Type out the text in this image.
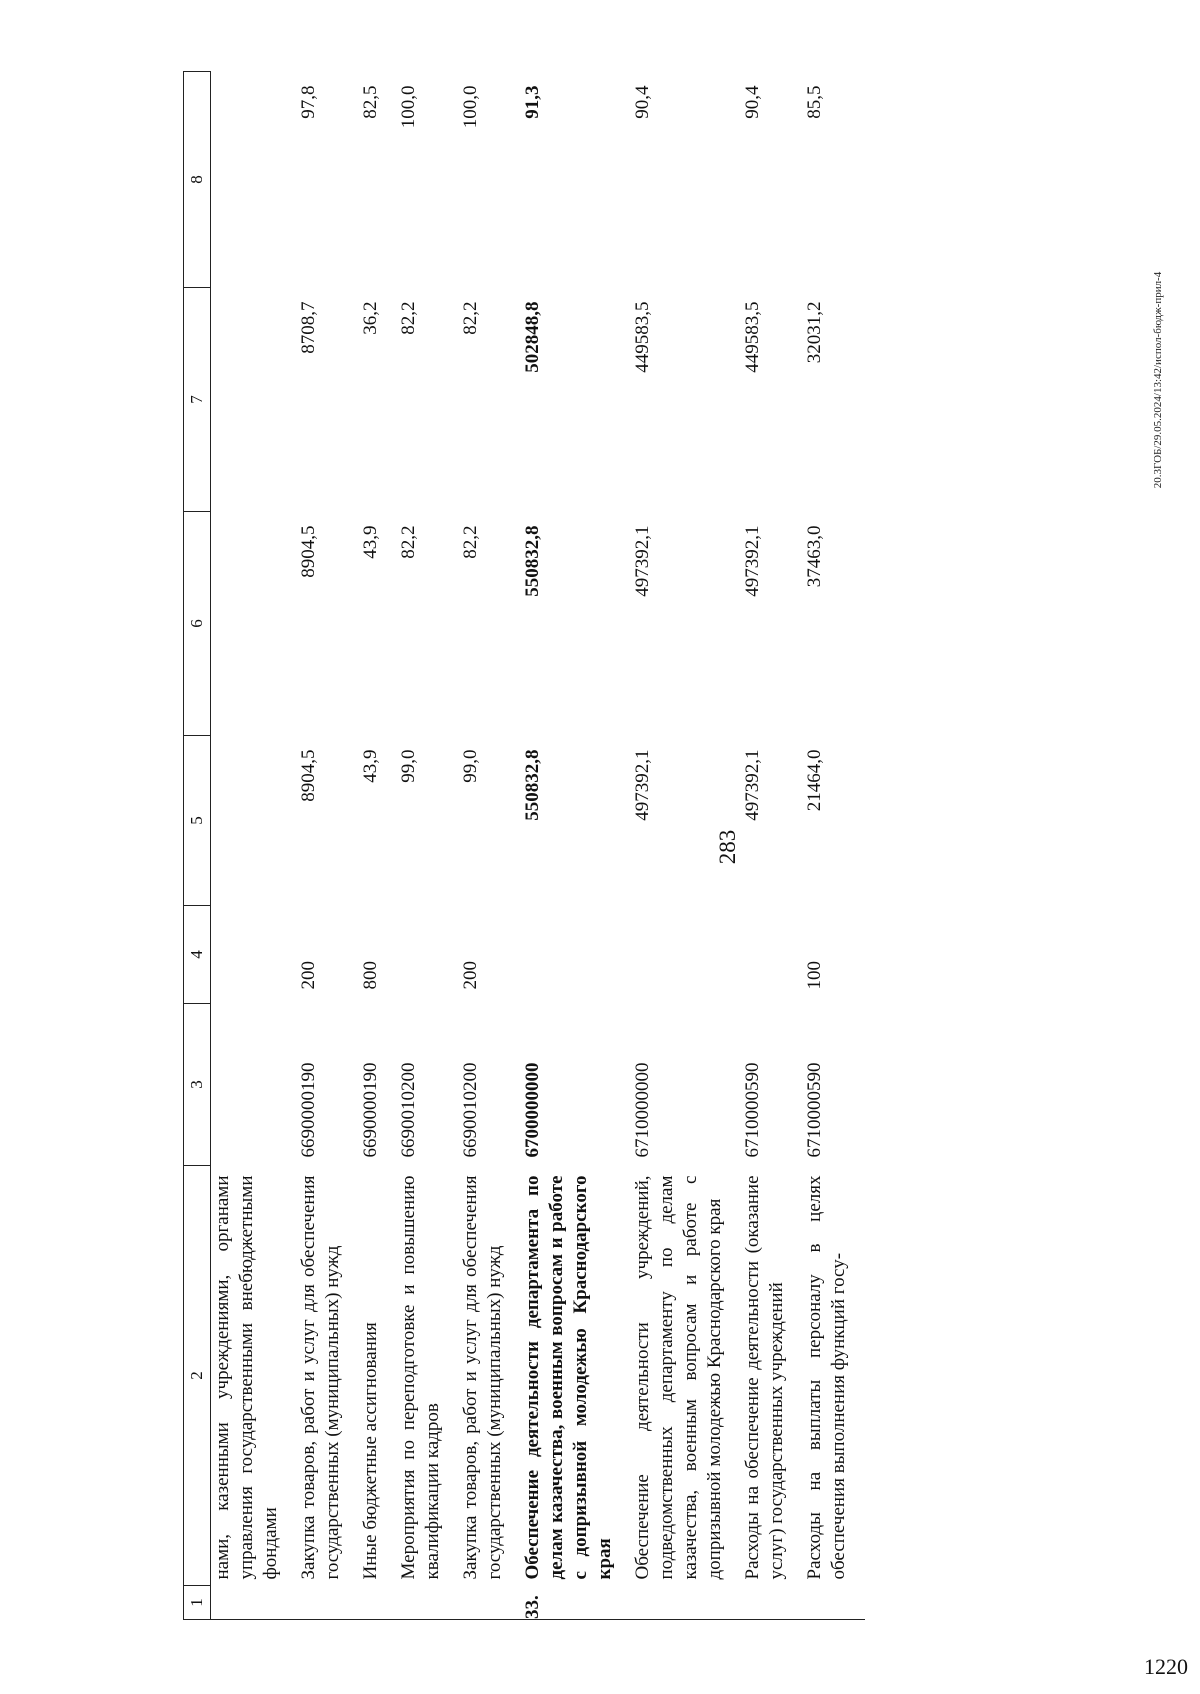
283
20.3ГОБ/29.05.2024/13:42/испол-бюдж-прил-4
1220
1	2	3	4	5	6	7	8
	нами, казенными учреждениями, органами управления государственными внебюджетными фондами						
	Закупка товаров, работ и услуг для обеспечения государственных (муниципальных) нужд	6690000190	200	8904,5	8904,5	8708,7	97,8
	Иные бюджетные ассигнования	6690000190	800	43,9	43,9	36,2	82,5
	Мероприятия по переподготовке и повышению квалификации кадров	6690010200		99,0	82,2	82,2	100,0
	Закупка товаров, работ и услуг для обеспечения государственных (муниципальных) нужд	6690010200	200	99,0	82,2	82,2	100,0
33.	Обеспечение деятельности департамента по делам казачества, военным вопросам и работе с допризывной молодежью Краснодарского края	6700000000		550832,8	550832,8	502848,8	91,3
	Обеспечение деятельности учреждений, подведомственных департаменту по делам казачества, военным вопросам и работе с допризывной молодежью Краснодарского края	6710000000		497392,1	497392,1	449583,5	90,4
	Расходы на обеспечение деятельности (оказание услуг) государственных учреждений	6710000590		497392,1	497392,1	449583,5	90,4
	Расходы на выплаты персоналу в целях обеспечения выполнения функций госу-	6710000590	100	21464,0	37463,0	32031,2	85,5
